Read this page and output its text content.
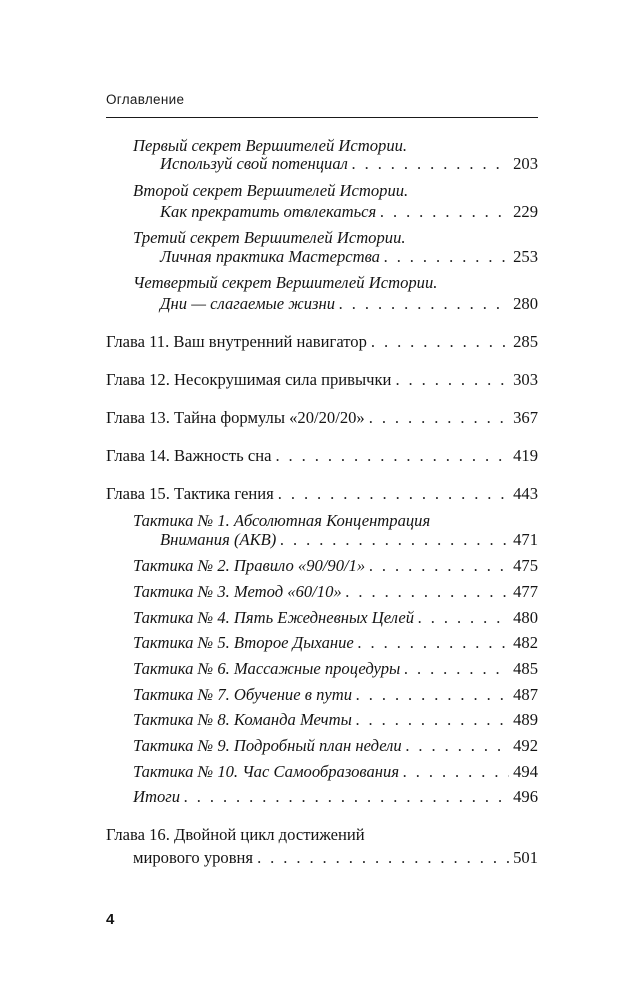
Оглавление
Первый секрет Вершителей Истории.
Используй свой потенциал . . .	203
Второй секрет Вершителей Истории.
Как прекратить отвлекаться . . .	229
Третий секрет Вершителей Истории.
Личная практика Мастерства . . .	253
Четвертый секрет Вершителей Истории.
Дни — слагаемые жизни . . .	280
Глава 11. Ваш внутренний навигатор . . .	285
Глава 12. Несокрушимая сила привычки . . .	303
Глава 13. Тайна формулы «20/20/20» . . .	367
Глава 14. Важность сна . . .	419
Глава 15. Тактика гения . . .	443
Тактика № 1. Абсолютная Концентрация
Внимания (АКВ) . . .	471
Тактика № 2. Правило «90/90/1» . . .	475
Тактика № 3. Метод «60/10» . . .	477
Тактика № 4. Пять Ежедневных Целей . . .	480
Тактика № 5. Второе Дыхание . . .	482
Тактика № 6. Массажные процедуры . . .	485
Тактика № 7. Обучение в пути . . .	487
Тактика № 8. Команда Мечты . . .	489
Тактика № 9. Подробный план недели . . .	492
Тактика № 10. Час Самообразования . . .	494
Итоги . . .	496
Глава 16. Двойной цикл достижений
мирового уровня . . .	501
4
